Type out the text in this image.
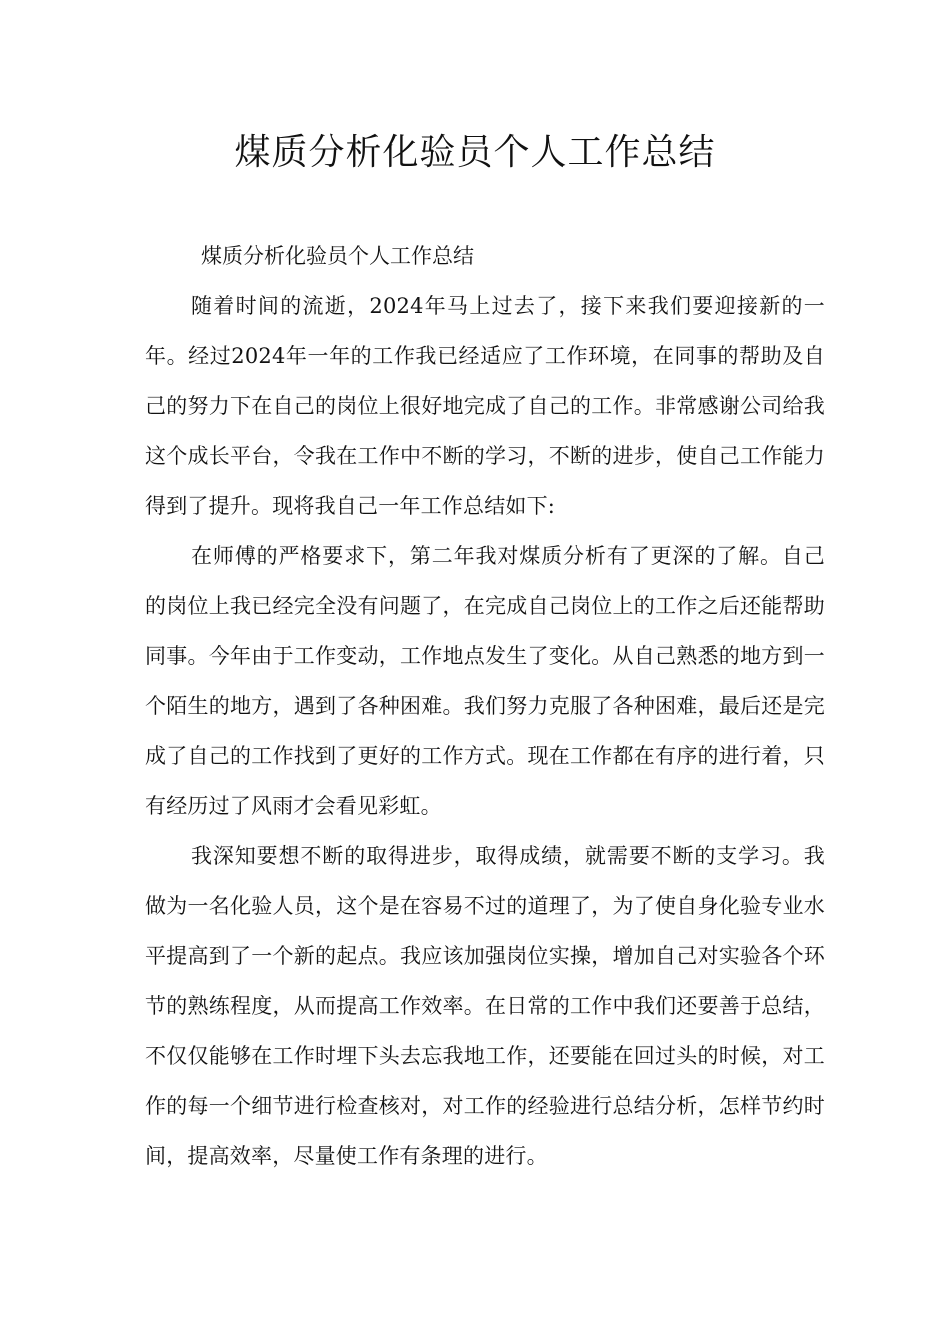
煤质分析化验员个人工作总结

煤质分析化验员个人工作总结

随着时间的流逝，2024年马上过去了，接下来我们要迎接新的一年。经过2024年一年的工作我已经适应了工作环境，在同事的帮助及自己的努力下在自己的岗位上很好地完成了自己的工作。非常感谢公司给我这个成长平台，令我在工作中不断的学习，不断的进步，使自己工作能力得到了提升。现将我自己一年工作总结如下:

在师傅的严格要求下，第二年我对煤质分析有了更深的了解。自己的岗位上我已经完全没有问题了，在完成自己岗位上的工作之后还能帮助同事。今年由于工作变动，工作地点发生了变化。从自己熟悉的地方到一个陌生的地方，遇到了各种困难。我们努力克服了各种困难，最后还是完成了自己的工作找到了更好的工作方式。现在工作都在有序的进行着，只有经历过了风雨才会看见彩虹。

我深知要想不断的取得进步，取得成绩，就需要不断的支学习。我做为一名化验人员，这个是在容易不过的道理了，为了使自身化验专业水平提高到了一个新的起点。我应该加强岗位实操，增加自己对实验各个环节的熟练程度，从而提高工作效率。在日常的工作中我们还要善于总结，不仅仅能够在工作时埋下头去忘我地工作，还要能在回过头的时候，对工作的每一个细节进行检查核对，对工作的经验进行总结分析，怎样节约时间，提高效率，尽量使工作有条理的进行。
